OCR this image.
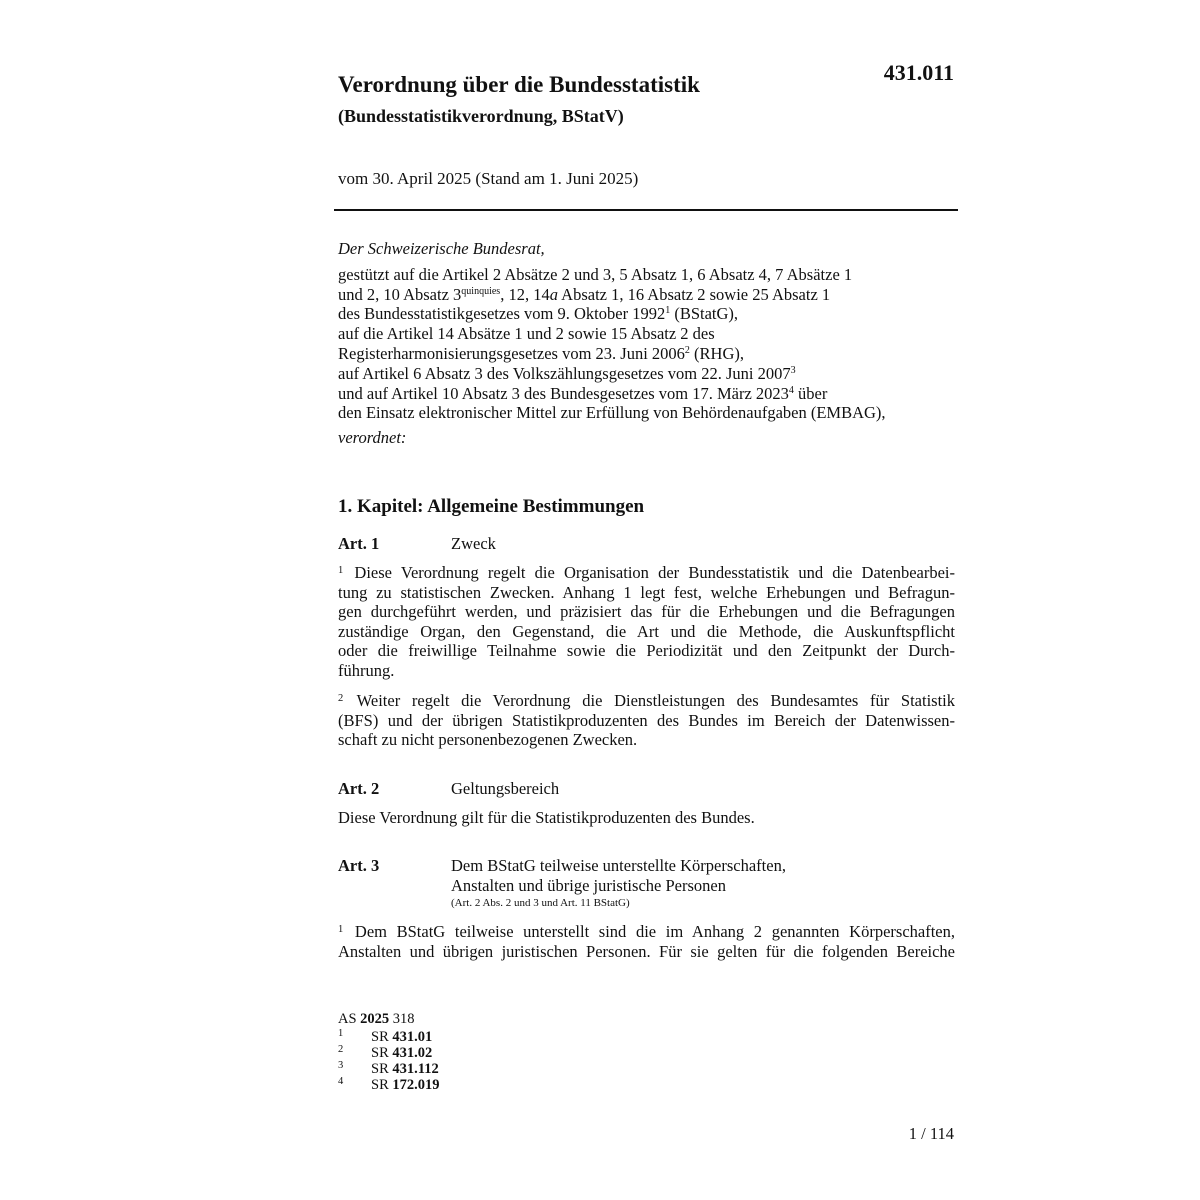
431.011
Verordnung über die Bundesstatistik
(Bundesstatistikverordnung, BStatV)
vom 30. April 2025 (Stand am 1. Juni 2025)
Der Schweizerische Bundesrat,
gestützt auf die Artikel 2 Absätze 2 und 3, 5 Absatz 1, 6 Absatz 4, 7 Absätze 1
und 2, 10 Absatz $3^{quinquies}$, 12, 14a Absatz 1, 16 Absatz 2 sowie 25 Absatz 1
des Bundesstatistikgesetzes vom 9. Oktober 1992$^1$ (BStatG),
auf die Artikel 14 Absätze 1 und 2 sowie 15 Absatz 2 des
Registerharmonisierungsgesetzes vom 23. Juni 2006$^2$ (RHG),
auf Artikel 6 Absatz 3 des Volkszählungsgesetzes vom 22. Juni 2007$^3$
und auf Artikel 10 Absatz 3 des Bundesgesetzes vom 17. März 2023$^4$ über
den Einsatz elektronischer Mittel zur Erfüllung von Behördenaufgaben (EMBAG),
verordnet:
1. Kapitel: Allgemeine Bestimmungen
Art. 1	Zweck
$^1$ Diese Verordnung regelt die Organisation der Bundesstatistik und die Datenbearbei-
tung zu statistischen Zwecken. Anhang 1 legt fest, welche Erhebungen und Befragun-
gen durchgeführt werden, und präzisiert das für die Erhebungen und die Befragungen
zuständige Organ, den Gegenstand, die Art und die Methode, die Auskunftspflicht
oder die freiwillige Teilnahme sowie die Periodizität und den Zeitpunkt der Durch-
führung.
$^2$ Weiter regelt die Verordnung die Dienstleistungen des Bundesamtes für Statistik
(BFS) und der übrigen Statistikproduzenten des Bundes im Bereich der Datenwissen-
schaft zu nicht personenbezogenen Zwecken.
Art. 2	Geltungsbereich
Diese Verordnung gilt für die Statistikproduzenten des Bundes.
Art. 3	Dem BStatG teilweise unterstellte Körperschaften,
Anstalten und übrige juristische Personen
(Art. 2 Abs. 2 und 3 und Art. 11 BStatG)
$^1$ Dem BStatG teilweise unterstellt sind die im Anhang 2 genannten Körperschaften,
Anstalten und übrigen juristischen Personen. Für sie gelten für die folgenden Bereiche
AS 2025 318
1 SR 431.01
2 SR 431.02
3 SR 431.112
4 SR 172.019
1 / 114
